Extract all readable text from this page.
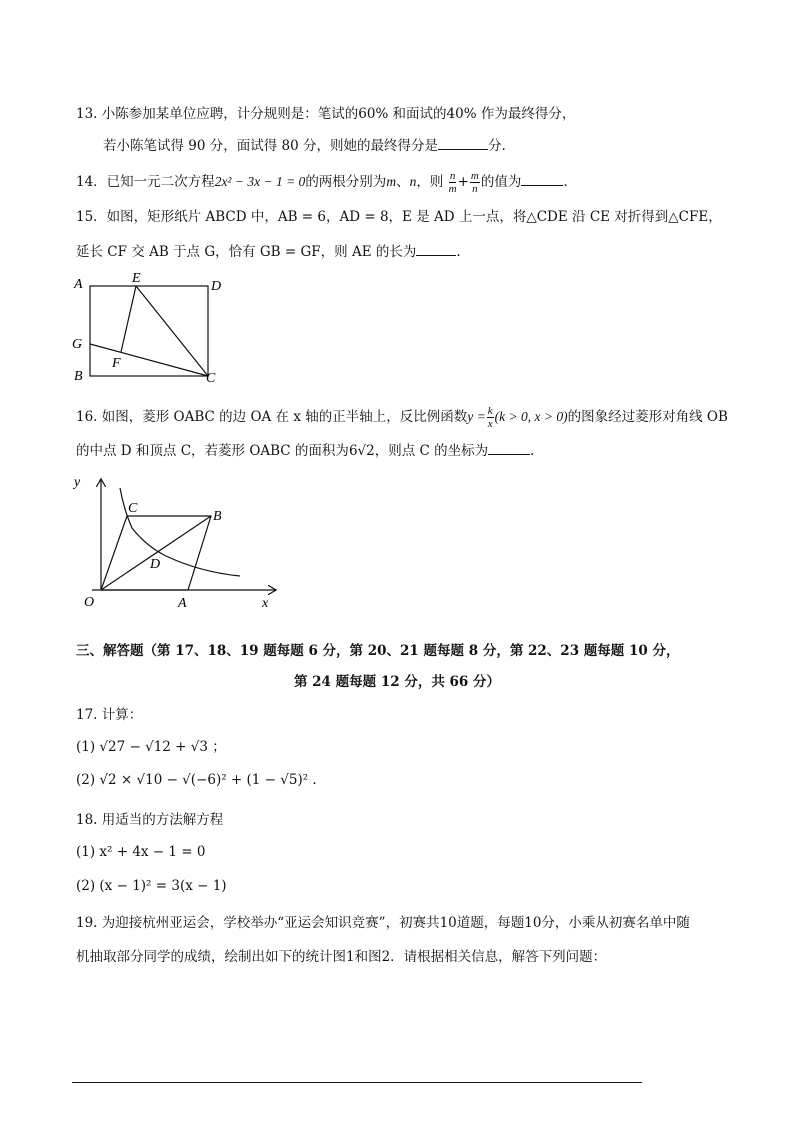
13. 小陈参加某单位应聘，计分规则是：笔试的60% 和面试的40% 作为最终得分，
若小陈笔试得 90 分，面试得 80 分，则她的最终得分是	分.
14．已知一元二次方程2x² − 3x − 1 = 0的两根分别为m、n，则 $\frac{n}{m} + \frac{m}{n}$ 的值为	.
15．如图，矩形纸片 ABCD 中，AB = 6，AD = 8，E 是 AD 上一点，将△CDE 沿 CE 对折得到△CFE，
延长 CF 交 AB 于点 G，恰有 GB = GF，则 AE 的长为	.
A	E
D
G
F
B	C
16. 如图，菱形 OABC 的边 OA 在 x 轴的正半轴上，反比例函数$y = \frac{k}{x} (k > 0$, x > 0)的图象经过菱形对角线 OB
的中点 D 和顶点 C，若菱形 OABC 的面积为6√2，则点 C 的坐标为	.
y
x
O	A
B
C
D
三、解答题（第 17、18、19 题每题 6 分，第 20、21 题每题 8 分，第 22、23 题每题 10 分，
第 24 题每题 12 分，共 66 分）
17. 计算：
(1) √27 − √12 + √3 ；
(2) √2 × √10 − √(−6)² + (1 − √5)² .
18. 用适当的方法解方程
(1) x² + 4x − 1 = 0
(2) (x − 1)² = 3(x − 1)
19. 为迎接杭州亚运会，学校举办“亚运会知识竞赛”，初赛共10道题，每题10分，小乘从初赛名单中随
机抽取部分同学的成绩，绘制出如下的统计图1和图2．请根据相关信息，解答下列问题：
